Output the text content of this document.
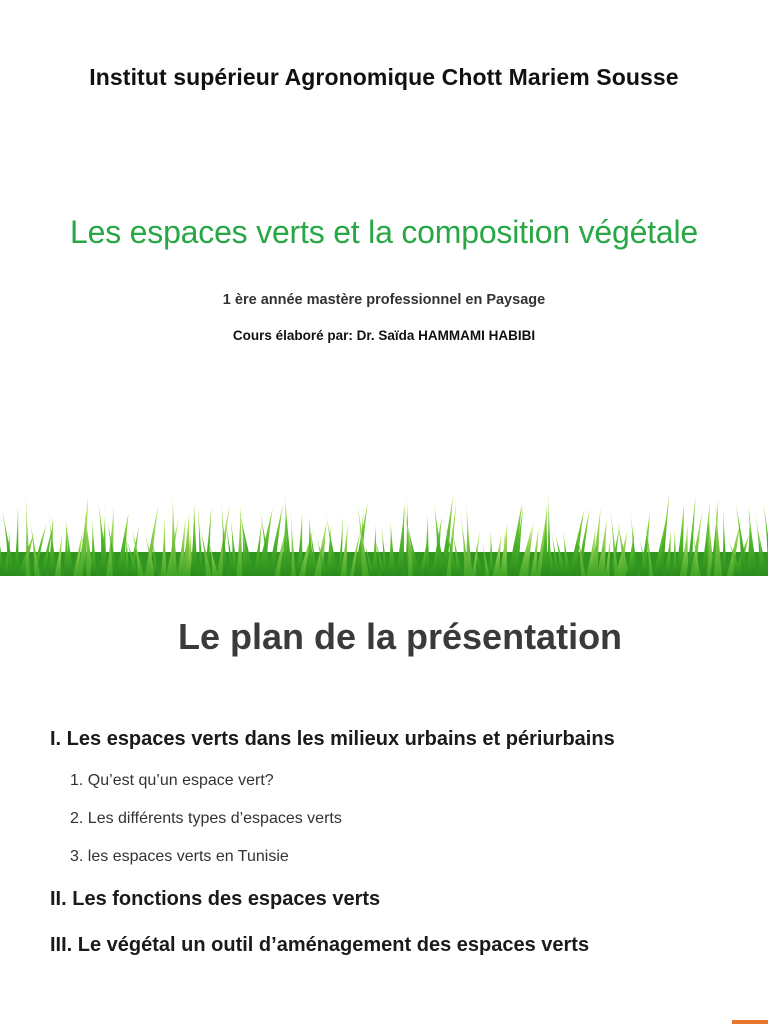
Institut supérieur Agronomique Chott Mariem Sousse
Les espaces verts et la composition végétale
1 ère année mastère professionnel en Paysage
Cours élaboré par: Dr. Saïda HAMMAMI HABIBI
Le plan de la présentation
I. Les espaces verts dans les milieux urbains et périurbains
1. Qu’est qu’un espace vert?
2. Les différents types d’espaces verts
3. les espaces verts en Tunisie
II. Les fonctions des espaces verts
III. Le végétal un outil d’aménagement des espaces verts
